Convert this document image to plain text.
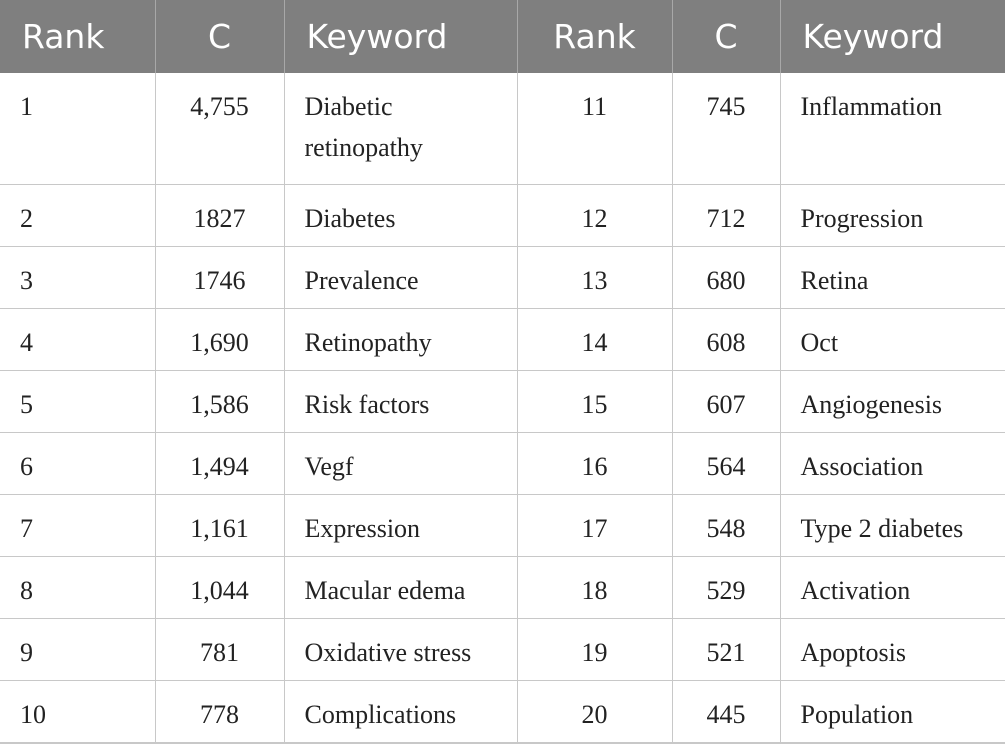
Rank	C	Keyword	Rank	C	Keyword
1	4,755	Diabetic retinopathy	11	745	Inflammation
2	1827	Diabetes	12	712	Progression
3	1746	Prevalence	13	680	Retina
4	1,690	Retinopathy	14	608	Oct
5	1,586	Risk factors	15	607	Angiogenesis
6	1,494	Vegf	16	564	Association
7	1,161	Expression	17	548	Type 2 diabetes
8	1,044	Macular edema	18	529	Activation
9	781	Oxidative stress	19	521	Apoptosis
10	778	Complications	20	445	Population
